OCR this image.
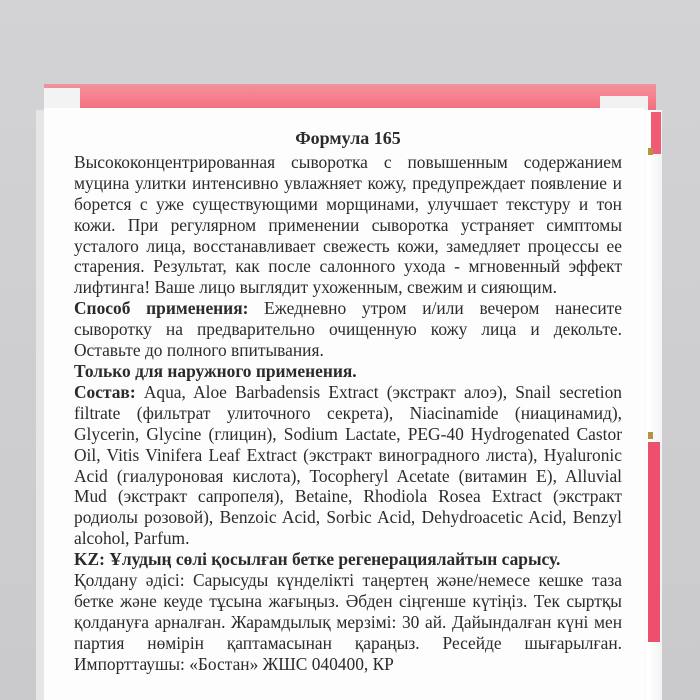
Формула 165

Высококонцентрированная сыворотка с повышенным содержанием муцина улитки интенсивно увлажняет кожу, предупреждает появление и борется с уже существующими морщинами, улучшает текстуру и тон кожи. При регулярном применении сыворотка устраняет симптомы усталого лица, восстанавливает свежесть кожи, замедляет процессы ее старения. Результат, как после салонного ухода - мгновенный эффект лифтинга! Ваше лицо выглядит ухоженным, свежим и сияющим.

Способ применения: Ежедневно утром и/или вечером нанесите сыворотку на предварительно очищенную кожу лица и декольте. Оставьте до полного впитывания.

Только для наружного применения.

Состав: Aqua, Aloe Barbadensis Extract (экстракт алоэ), Snail secretion filtrate (фильтрат улиточного секрета), Niacinamide (ниацинамид), Glycerin, Glycine (глицин), Sodium Lactate, PEG-40 Hydrogenated Castor Oil, Vitis Vinifera Leaf Extract (экстракт виноградного листа), Hyaluronic Acid (гиалуроновая кислота), Tocopheryl Acetate (витамин Е), Alluvial Mud (экстракт сапропеля), Betaine, Rhodiola Rosea Extract (экстракт родиолы розовой), Benzoic Acid, Sorbic Acid, Dehydroacetic Acid, Benzyl alcohol, Parfum.

KZ: Ұлудың сөлі қосылған бетке регенерациялайтын сарысу.

Қолдану әдісі: Сарысуды күнделікті таңертең және/немесе кешке таза бетке және кеуде тұсына жағыңыз. Әбден сіңгенше күтіңіз. Тек сыртқы қолдануға арналған. Жарамдылық мерзімі: 30 ай. Дайындалған күні мен партия нөмірін қаптамасынан қараңыз. Ресейде шығарылған. Импорттаушы: «Бостан» ЖШС 040400, КР
